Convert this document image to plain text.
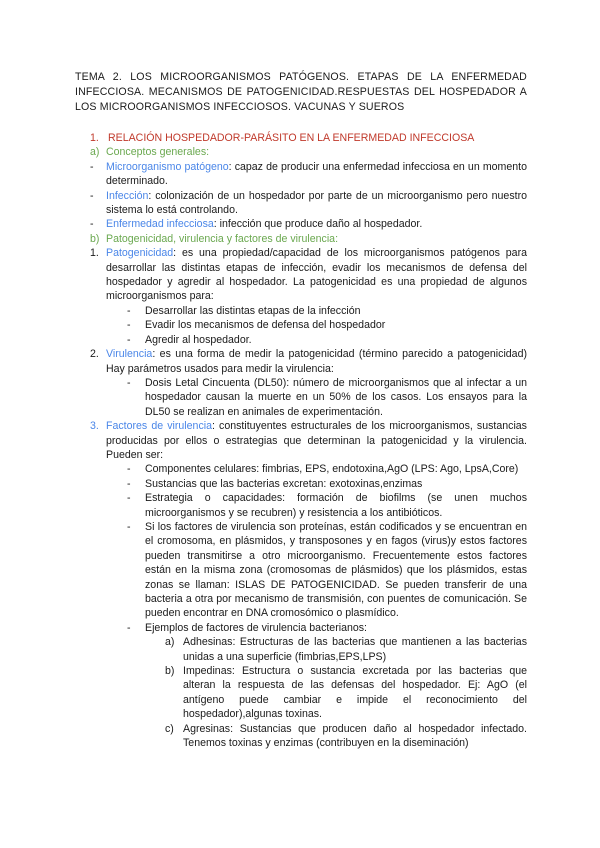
TEMA 2. LOS MICROORGANISMOS PATÓGENOS. ETAPAS DE LA ENFERMEDAD INFECCIOSA. MECANISMOS DE PATOGENICIDAD.RESPUESTAS DEL HOSPEDADOR A LOS MICROORGANISMOS INFECCIOSOS. VACUNAS Y SUEROS
1. RELACIÓN HOSPEDADOR-PARÁSITO EN LA ENFERMEDAD INFECCIOSA
a) Conceptos generales:
- Microorganismo patógeno: capaz de producir una enfermedad infecciosa en un momento determinado.
- Infección: colonización de un hospedador por parte de un microorganismo pero nuestro sistema lo está controlando.
- Enfermedad infecciosa: infección que produce daño al hospedador.
b) Patogenicidad, virulencia y factores de virulencia:
1. Patogenicidad: es una propiedad/capacidad de los microorganismos patógenos para desarrollar las distintas etapas de infección, evadir los mecanismos de defensa del hospedador y agredir al hospedador. La patogenicidad es una propiedad de algunos microorganismos para:
- Desarrollar las distintas etapas de la infección
- Evadir los mecanismos de defensa del hospedador
- Agredir al hospedador.
2. Virulencia: es una forma de medir la patogenicidad (término parecido a patogenicidad) Hay parámetros usados para medir la virulencia:
- Dosis Letal Cincuenta (DL50): número de microorganismos que al infectar a un hospedador causan la muerte en un 50% de los casos. Los ensayos para la DL50 se realizan en animales de experimentación.
3. Factores de virulencia: constituyentes estructurales de los microorganismos, sustancias producidas por ellos o estrategias que determinan la patogenicidad y la virulencia. Pueden ser:
- Componentes celulares: fimbrias, EPS, endotoxina,AgO (LPS: Ago, LpsA,Core)
- Sustancias que las bacterias excretan: exotoxinas,enzimas
- Estrategia o capacidades: formación de biofilms (se unen muchos microorganismos y se recubren) y resistencia a los antibióticos.
- Si los factores de virulencia son proteínas, están codificados y se encuentran en el cromosoma, en plásmidos, y transposones y en fagos (virus)y estos factores pueden transmitirse a otro microorganismo. Frecuentemente estos factores están en la misma zona (cromosomas de plásmidos) que los plásmidos, estas zonas se llaman: ISLAS DE PATOGENICIDAD. Se pueden transferir de una bacteria a otra por mecanismo de transmisión, con puentes de comunicación. Se pueden encontrar en DNA cromosómico o plasmídico.
- Ejemplos de factores de virulencia bacterianos:
a) Adhesinas: Estructuras de las bacterias que mantienen a las bacterias unidas a una superficie (fimbrias,EPS,LPS)
b) Impedinas: Estructura o sustancia excretada por las bacterias que alteran la respuesta de las defensas del hospedador. Ej: AgO (el antígeno puede cambiar e impide el reconocimiento del hospedador),algunas toxinas.
c) Agresinas: Sustancias que producen daño al hospedador infectado. Tenemos toxinas y enzimas (contribuyen en la diseminación)
